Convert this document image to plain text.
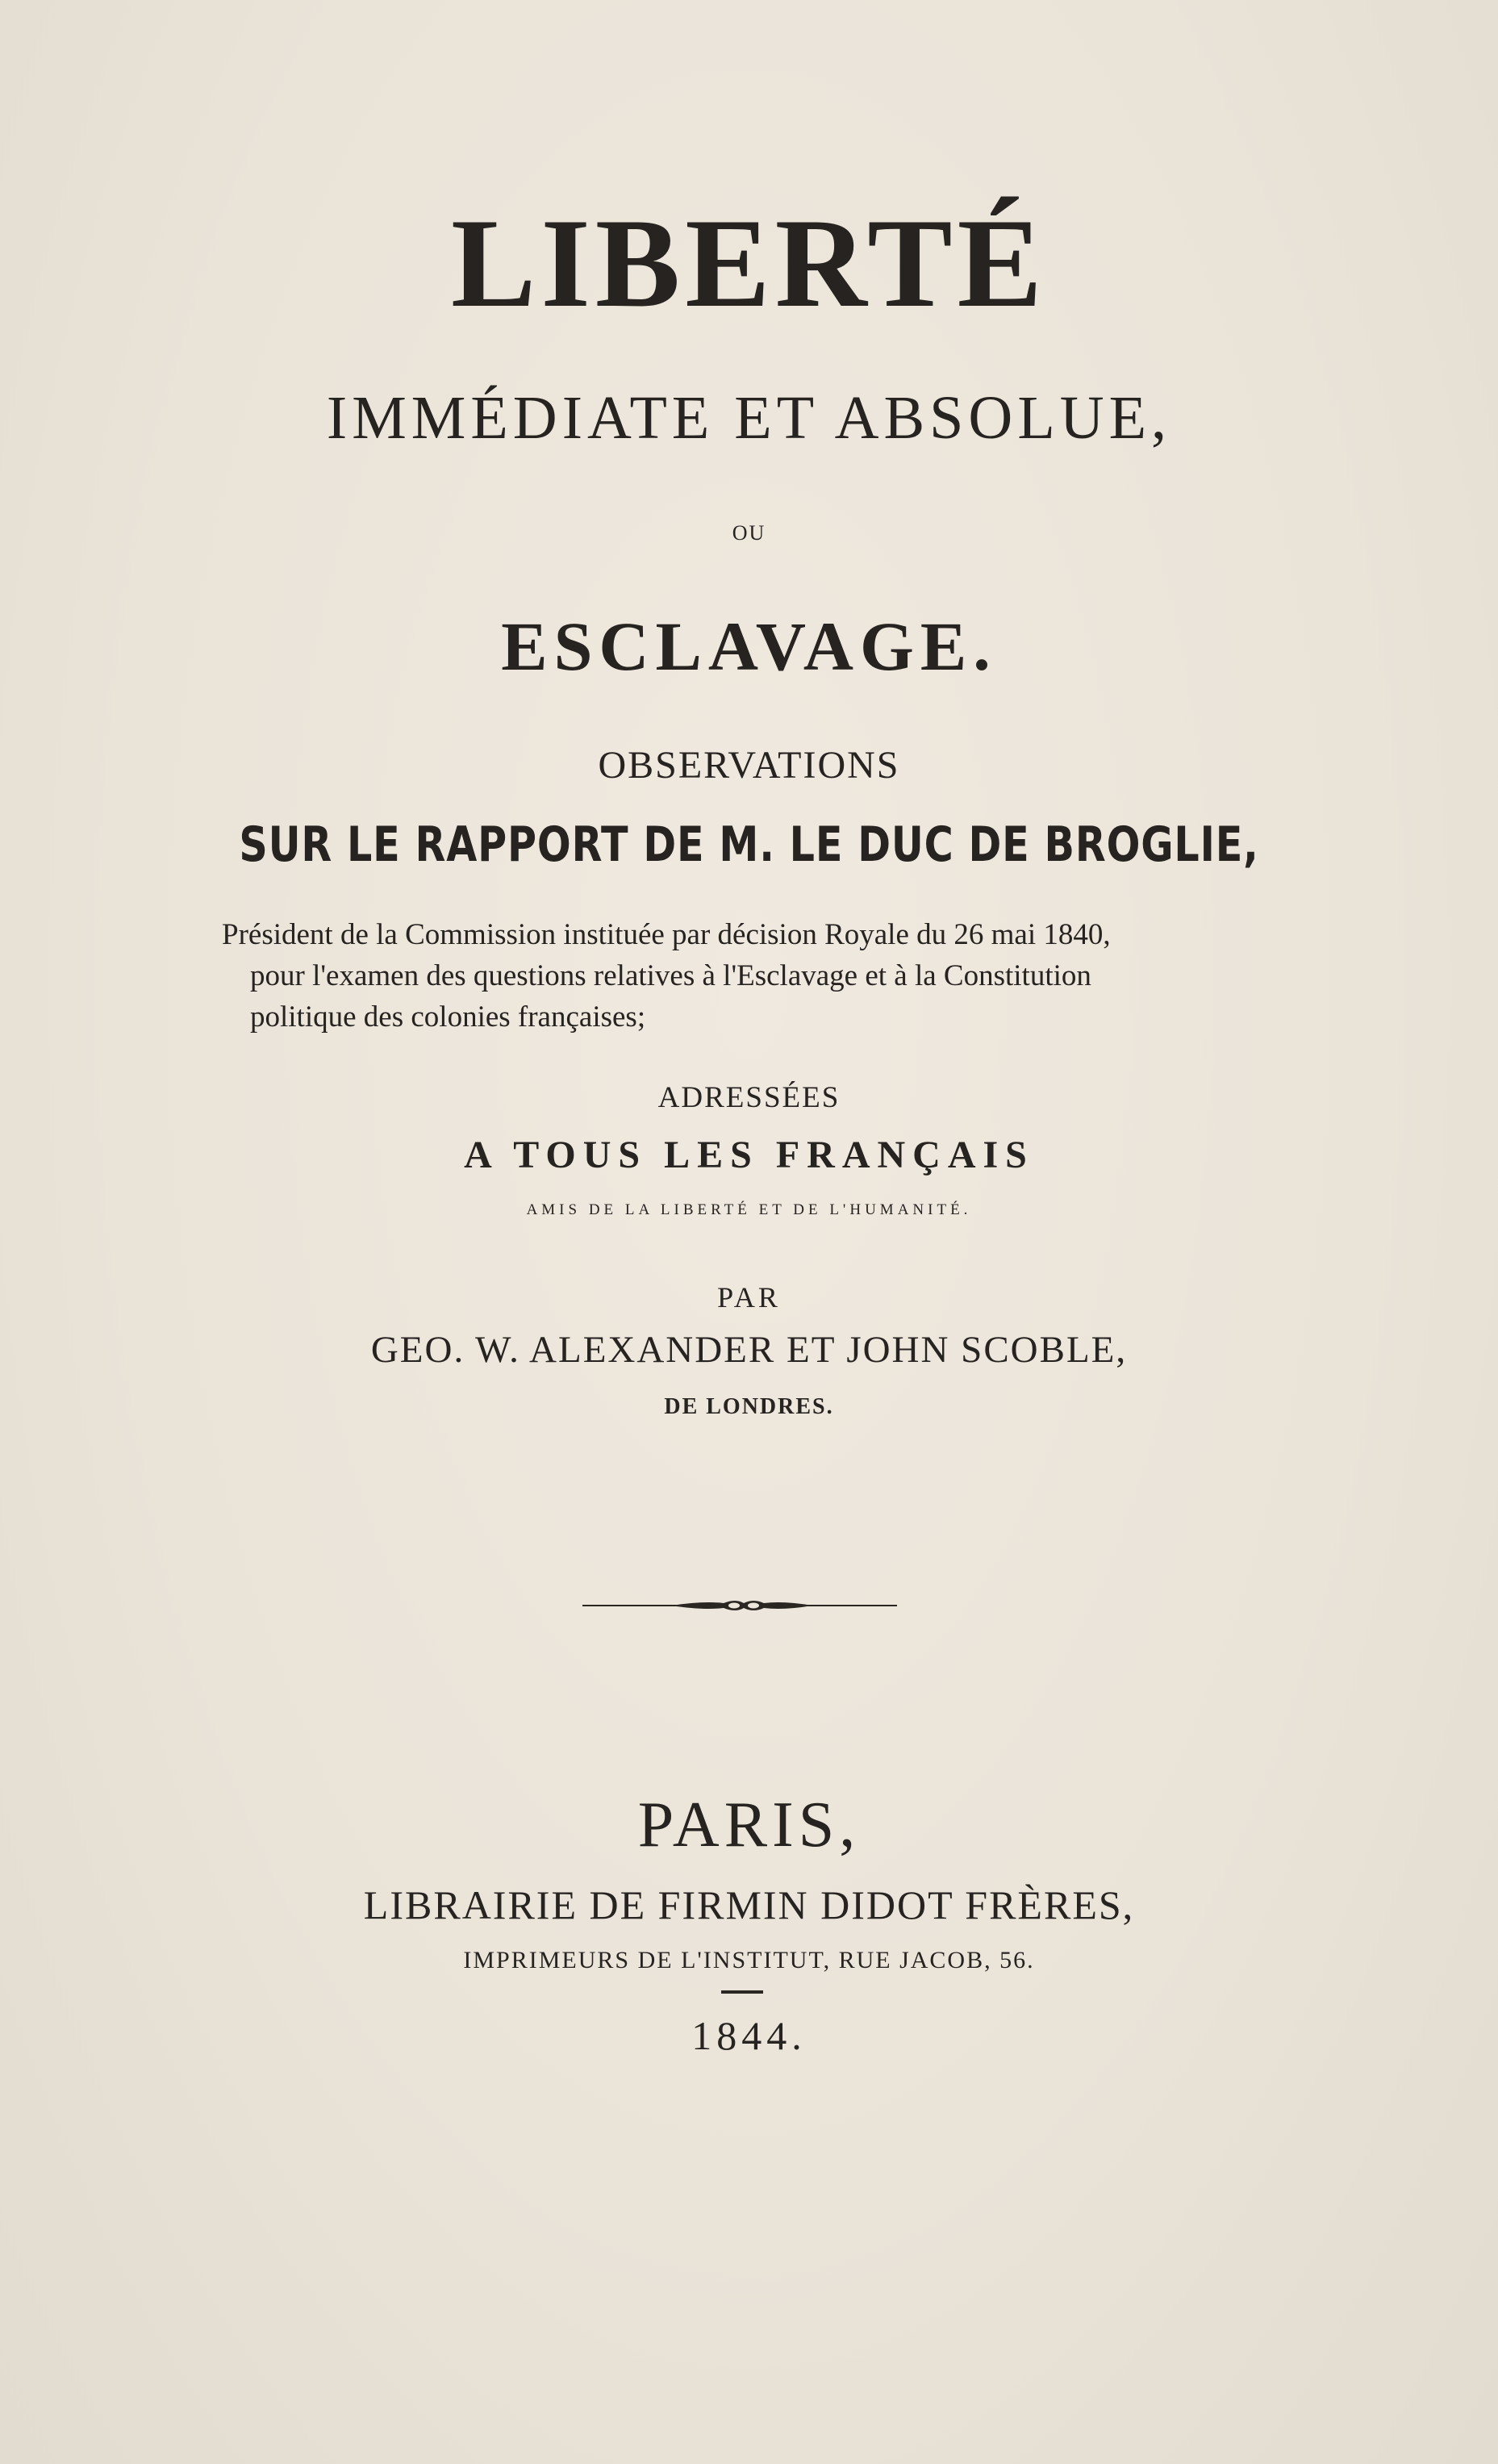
LIBERTÉ
IMMÉDIATE ET ABSOLUE,
OU
ESCLAVAGE.
OBSERVATIONS
SUR LE RAPPORT DE M. LE DUC DE BROGLIE,
Président de la Commission instituée par décision Royale du 26 mai 1840,
pour l'examen des questions relatives à l'Esclavage et à la Constitution
politique des colonies françaises;
ADRESSÉES
A TOUS LES FRANÇAIS
AMIS DE LA LIBERTÉ ET DE L'HUMANITÉ.
PAR
GEO. W. ALEXANDER ET JOHN SCOBLE,
DE LONDRES.
PARIS,
LIBRAIRIE DE FIRMIN DIDOT FRÈRES,
IMPRIMEURS DE L'INSTITUT, RUE JACOB, 56.
1844.
